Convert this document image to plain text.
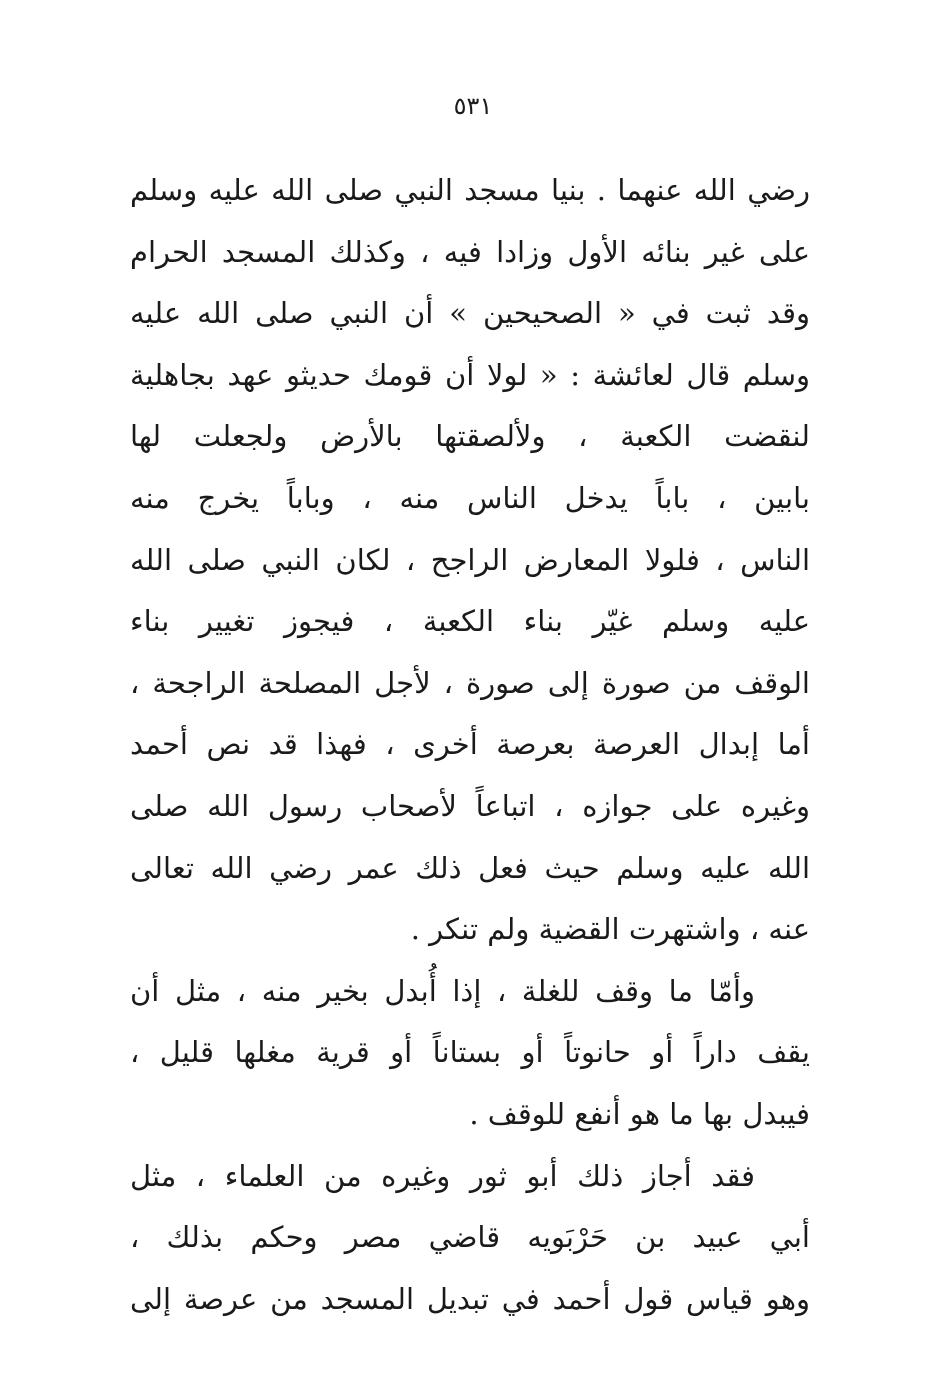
٥٣١
رضي الله عنهما . بنيا مسجد النبي صلى الله عليه وسلم
على غير بنائه الأول وزادا فيه ، وكذلك المسجد الحرام
وقد ثبت في « الصحيحين » أن النبي صلى الله عليه
وسلم قال لعائشة : « لولا أن قومك حديثو عهد بجاهلية
لنقضت الكعبة ، ولألصقتها بالأرض ولجعلت لها
بابين ، باباً يدخل الناس منه ، وباباً يخرج منه
الناس ، فلولا المعارض الراجح ، لكان النبي صلى الله
عليه وسلم غيّر بناء الكعبة ، فيجوز تغيير بناء
الوقف من صورة إلى صورة ، لأجل المصلحة الراجحة ،
أما إبدال العرصة بعرصة أخرى ، فهذا قد نص أحمد
وغيره على جوازه ، اتباعاً لأصحاب رسول الله صلى
الله عليه وسلم حيث فعل ذلك عمر رضي الله تعالى
عنه ، واشتهرت القضية ولم تنكر .
وأمّا ما وقف للغلة ، إذا أُبدل بخير منه ، مثل أن
يقف داراً أو حانوتاً أو بستاناً أو قرية مغلها قليل ،
فيبدل بها ما هو أنفع للوقف .
فقد أجاز ذلك أبو ثور وغيره من العلماء ، مثل
أبي عبيد بن حَرْبَويه قاضي مصر وحكم بذلك ،
وهو قياس قول أحمد في تبديل المسجد من عرصة إلى
